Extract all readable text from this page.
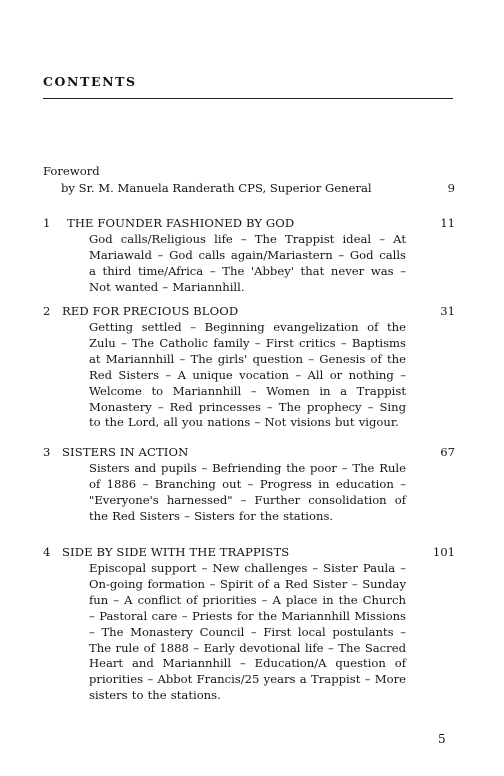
CONTENTS
Foreword
by Sr. M. Manuela Randerath CPS, Superior General	9
1 THE FOUNDER FASHIONED BY GOD	11

God calls/Religious life – The Trappist ideal – At Mariawald – God calls again/Mariastern – God calls a third time/Africa – The 'Abbey' that never was – Not wanted – Mariannhill.

2 RED FOR PRECIOUS BLOOD	31

Getting settled – Beginning evangelization of the Zulu – The Catholic family – First critics – Baptisms at Mariannhill – The girls' question – Genesis of the Red Sisters – A unique vocation – All or nothing – Welcome to Mariannhill – Women in a Trappist Monastery – Red princesses – The prophecy – Sing to the Lord, all you nations – Not visions but vigour.

3 SISTERS IN ACTION	67

Sisters and pupils – Befriending the poor – The Rule of 1886 – Branching out – Progress in education – "Everyone's harnessed" – Further consolidation of the Red Sisters – Sisters for the stations.

4 SIDE BY SIDE WITH THE TRAPPISTS	101

Episcopal support – New challenges – Sister Paula – On-going formation – Spirit of a Red Sister – Sunday fun – A conflict of priorities – A place in the Church – Pastoral care – Priests for the Mariannhill Missions – The Monastery Council – First local postulants – The rule of 1888 – Early devotional life – The Sacred Heart and Mariannhill – Education/A question of priorities – Abbot Francis/25 years a Trappist – More sisters to the stations.

5
